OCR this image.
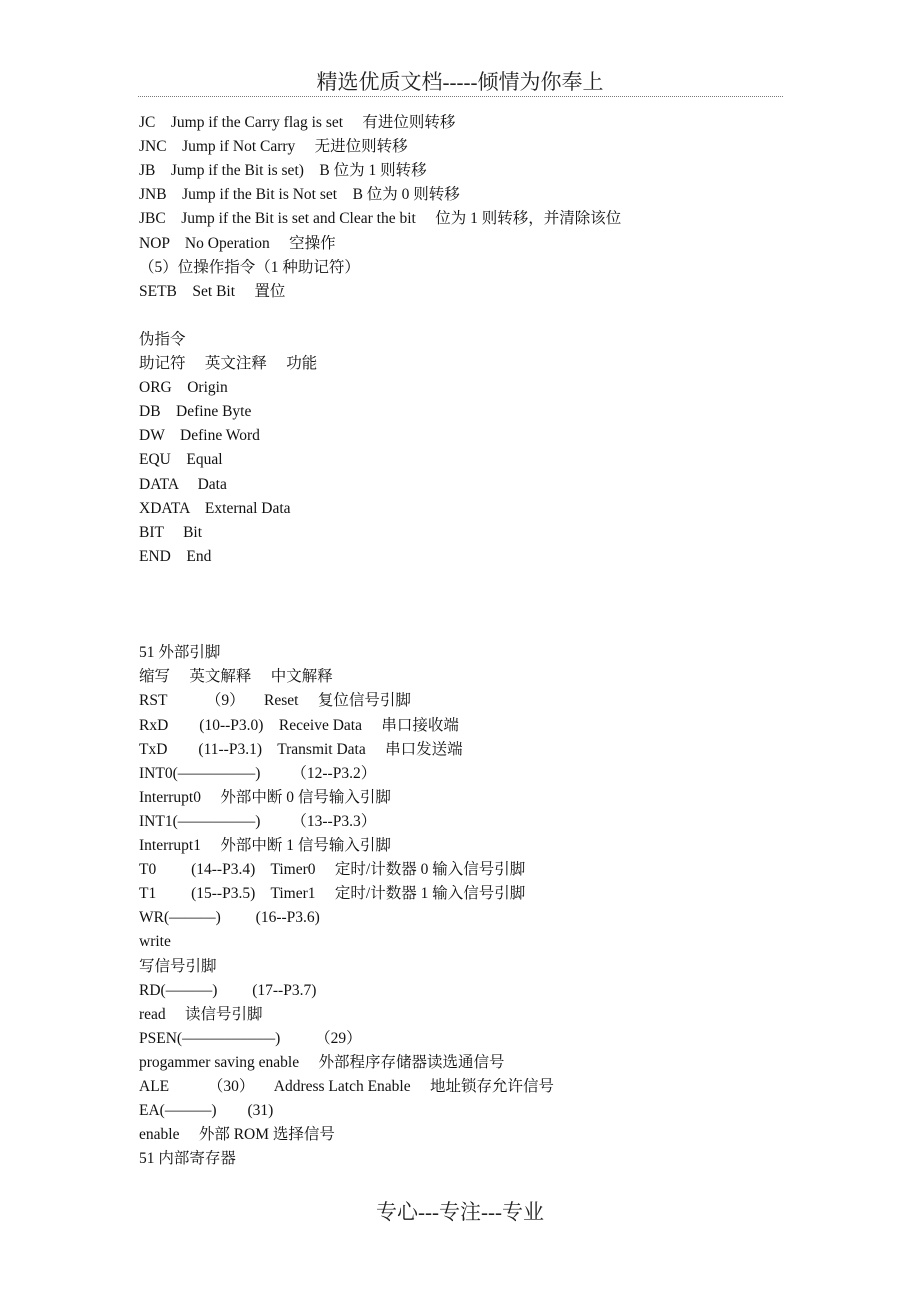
精选优质文档-----倾情为你奉上
JC    Jump if the Carry flag is set     有进位则转移
JNC    Jump if Not Carry     无进位则转移
JB    Jump if the Bit is set)    B 位为 1 则转移
JNB    Jump if the Bit is Not set    B 位为 0 则转移
JBC    Jump if the Bit is set and Clear the bit     位为 1 则转移，并清除该位
NOP    No Operation     空操作
（5）位操作指令（1 种助记符）
SETB    Set Bit     置位
伪指令
助记符     英文注释     功能
ORG    Origin
DB    Define Byte
DW    Define Word
EQU    Equal
DATA     Data
XDATA    External Data
BIT     Bit
END    End
51 外部引脚
缩写     英文解释     中文解释
RST          （9）     Reset     复位信号引脚
RxD        (10--P3.0)    Receive Data     串口接收端
TxD        (11--P3.1)    Transmit Data     串口发送端
INT0(—————)        （12--P3.2）
Interrupt0     外部中断 0 信号输入引脚
INT1(—————)        （13--P3.3）
Interrupt1     外部中断 1 信号输入引脚
T0         (14--P3.4)    Timer0     定时/计数器 0 输入信号引脚
T1         (15--P3.5)    Timer1     定时/计数器 1 输入信号引脚
WR(———)         (16--P3.6)
write
写信号引脚
RD(———)         (17--P3.7)
read     读信号引脚
PSEN(——————)         （29）
progammer saving enable     外部程序存储器读选通信号
ALE          （30）     Address Latch Enable     地址锁存允许信号
EA(———)        (31)
enable     外部 ROM 选择信号
51 内部寄存器
专心---专注---专业
